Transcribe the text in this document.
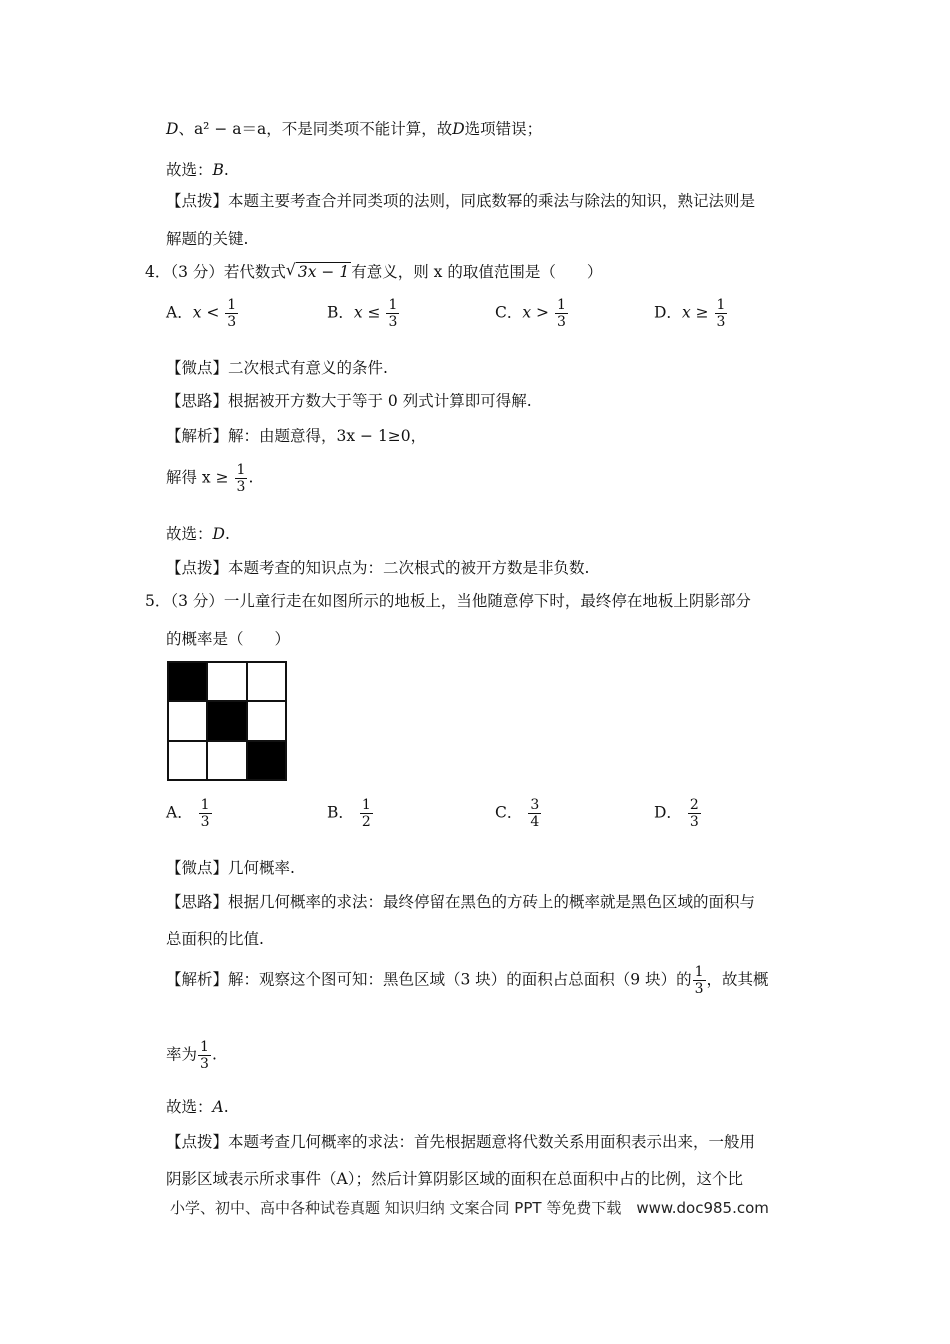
D、a² − a＝a，不是同类项不能计算，故D选项错误；
故选：B.
【点拨】本题主要考查合并同类项的法则，同底数幂的乘法与除法的知识，熟记法则是
解题的关键.
4．（3 分）若代数式 √ 3x − 1 有意义，则 x 的取值范围是（　　）
A．$x < \frac{1}{3}$	B．$x \le \frac{1}{3}$	C．$x > \frac{1}{3}$	D．$x \ge \frac{1}{3}$
【微点】二次根式有意义的条件.
【思路】根据被开方数大于等于 0 列式计算即可得解.
【解析】解：由题意得，3x − 1≥0，
解得 $x \ge \frac{1}{3}$ .
故选：D.
【点拨】本题考查的知识点为：二次根式的被开方数是非负数.
5．（3 分）一儿童行走在如图所示的地板上，当他随意停下时，最终停在地板上阴影部分
的概率是（　　）
A． $\frac{1}{3}$	B． $\frac{1}{2}$	C． $\frac{3}{4}$	D． $\frac{2}{3}$
【微点】几何概率.
【思路】根据几何概率的求法：最终停留在黑色的方砖上的概率就是黑色区域的面积与
总面积的比值.
【解析】解：观察这个图可知：黑色区域（3 块）的面积占总面积（9 块）的 $\frac{1}{3}$ ，故其概
率为 $\frac{1}{3}$ .
故选：A.
【点拨】本题考查几何概率的求法：首先根据题意将代数关系用面积表示出来，一般用
阴影区域表示所求事件（A）；然后计算阴影区域的面积在总面积中占的比例，这个比
小学、初中、高中各种试卷真题 知识归纳 文案合同 PPT 等免费下载　www.doc985.com
